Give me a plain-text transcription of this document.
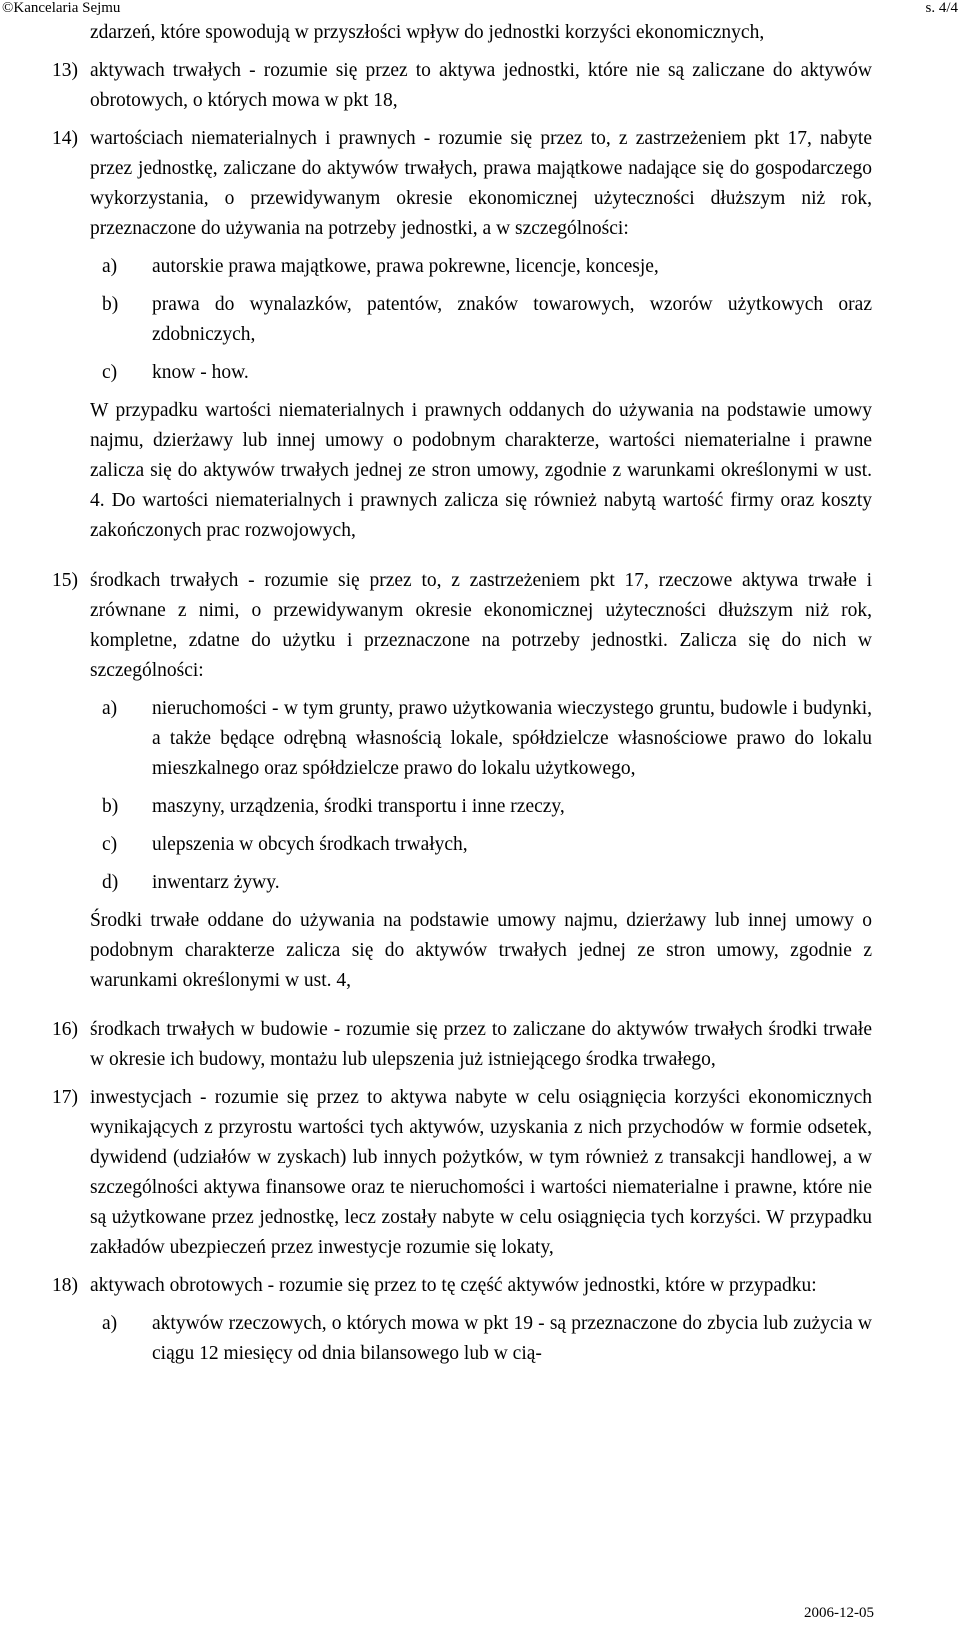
©Kancelaria Sejmu	s. 4/4

zdarzeń, które spowodują w przyszłości wpływ do jednostki korzyści ekonomicznych,

13) aktywach trwałych - rozumie się przez to aktywa jednostki, które nie są zaliczane do aktywów obrotowych, o których mowa w pkt 18,
14) wartościach niematerialnych i prawnych - rozumie się przez to, z zastrzeżeniem pkt 17, nabyte przez jednostkę, zaliczane do aktywów trwałych, prawa majątkowe nadające się do gospodarczego wykorzystania, o przewidywanym okresie ekonomicznej użyteczności dłuższym niż rok, przeznaczone do używania na potrzeby jednostki, a w szczególności:
a) autorskie prawa majątkowe, prawa pokrewne, licencje, koncesje,
b) prawa do wynalazków, patentów, znaków towarowych, wzorów użytkowych oraz zdobniczych,
c) know - how.

W przypadku wartości niematerialnych i prawnych oddanych do używania na podstawie umowy najmu, dzierżawy lub innej umowy o podobnym charakterze, wartości niematerialne i prawne zalicza się do aktywów trwałych jednej ze stron umowy, zgodnie z warunkami określonymi w ust. 4. Do wartości niematerialnych i prawnych zalicza się również nabytą wartość firmy oraz koszty zakończonych prac rozwojowych,

15) środkach trwałych - rozumie się przez to, z zastrzeżeniem pkt 17, rzeczowe aktywa trwałe i zrównane z nimi, o przewidywanym okresie ekonomicznej użyteczności dłuższym niż rok, kompletne, zdatne do użytku i przeznaczone na potrzeby jednostki. Zalicza się do nich w szczególności:
a) nieruchomości - w tym grunty, prawo użytkowania wieczystego gruntu, budowle i budynki, a także będące odrębną własnością lokale, spółdzielcze własnościowe prawo do lokalu mieszkalnego oraz spółdzielcze prawo do lokalu użytkowego,
b) maszyny, urządzenia, środki transportu i inne rzeczy,
c) ulepszenia w obcych środkach trwałych,
d) inwentarz żywy.

Środki trwałe oddane do używania na podstawie umowy najmu, dzierżawy lub innej umowy o podobnym charakterze zalicza się do aktywów trwałych jednej ze stron umowy, zgodnie z warunkami określonymi w ust. 4,

16) środkach trwałych w budowie - rozumie się przez to zaliczane do aktywów trwałych środki trwałe w okresie ich budowy, montażu lub ulepszenia już istniejącego środka trwałego,
17) inwestycjach - rozumie się przez to aktywa nabyte w celu osiągnięcia korzyści ekonomicznych wynikających z przyrostu wartości tych aktywów, uzyskania z nich przychodów w formie odsetek, dywidend (udziałów w zyskach) lub innych pożytków, w tym również z transakcji handlowej, a w szczególności aktywa finansowe oraz te nieruchomości i wartości niematerialne i prawne, które nie są użytkowane przez jednostkę, lecz zostały nabyte w celu osiągnięcia tych korzyści. W przypadku zakładów ubezpieczeń przez inwestycje rozumie się lokaty,
18) aktywach obrotowych - rozumie się przez to tę część aktywów jednostki, które w przypadku:
a) aktywów rzeczowych, o których mowa w pkt 19 - są przeznaczone do zbycia lub zużycia w ciągu 12 miesięcy od dnia bilansowego lub w cią-
2006-12-05
